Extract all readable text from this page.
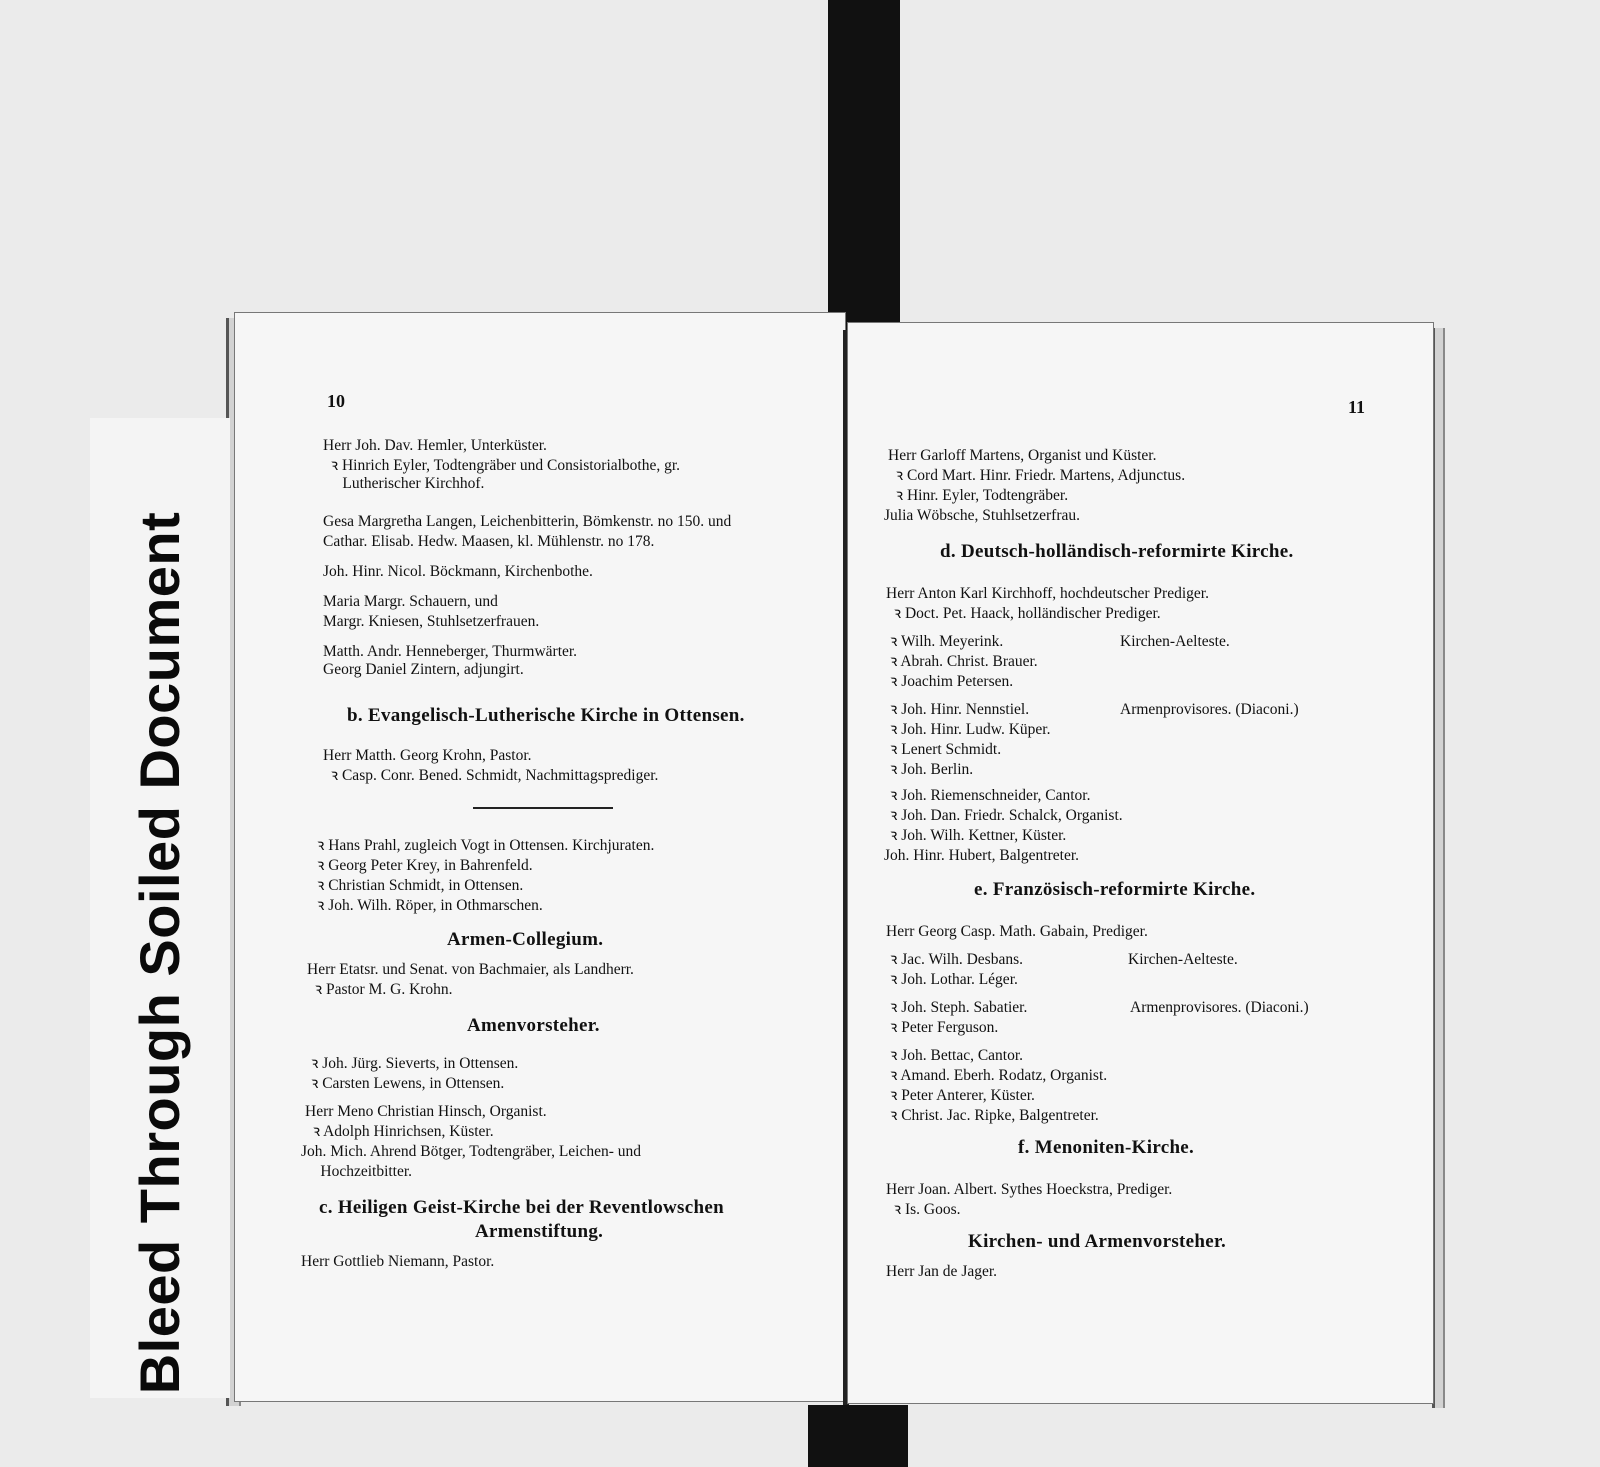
Bleed Through Soiled Document
10
Herr Joh. Dav. Hemler, Unterküster.
ꝛ Hinrich Eyler, Todtengräber und Consistorialbothe, gr.
Lutherischer Kirchhof.
Gesa Margretha Langen, Leichenbitterin, Bömkenstr. no 150. und
Cathar. Elisab. Hedw. Maasen, kl. Mühlenstr. no 178.
Joh. Hinr. Nicol. Böckmann, Kirchenbothe.
Maria Margr. Schauern, und
Margr. Kniesen, Stuhlsetzerfrauen.
Matth. Andr. Henneberger, Thurmwärter.
Georg Daniel Zintern, adjungirt.
b. Evangelisch-Lutherische Kirche in Ottensen.
Herr Matth. Georg Krohn, Pastor.
ꝛ Casp. Conr. Bened. Schmidt, Nachmittagsprediger.
ꝛ Hans Prahl, zugleich Vogt in Ottensen. Kirchjuraten.
ꝛ Georg Peter Krey, in Bahrenfeld.
ꝛ Christian Schmidt, in Ottensen.
ꝛ Joh. Wilh. Röper, in Othmarschen.
Armen-Collegium.
Herr Etatsr. und Senat. von Bachmaier, als Landherr.
ꝛ Pastor M. G. Krohn.
Amenvorsteher.
ꝛ Joh. Jürg. Sieverts, in Ottensen.
ꝛ Carsten Lewens, in Ottensen.
Herr Meno Christian Hinsch, Organist.
ꝛ Adolph Hinrichsen, Küster.
Joh. Mich. Ahrend Bötger, Todtengräber, Leichen- und
Hochzeitbitter.
c. Heiligen Geist-Kirche bei der Reventlowschen
Armenstiftung.
Herr Gottlieb Niemann, Pastor.
11
Herr Garloff Martens, Organist und Küster.
ꝛ Cord Mart. Hinr. Friedr. Martens, Adjunctus.
ꝛ Hinr. Eyler, Todtengräber.
Julia Wöbsche, Stuhlsetzerfrau.
d. Deutsch-holländisch-reformirte Kirche.
Herr Anton Karl Kirchhoff, hochdeutscher Prediger.
ꝛ Doct. Pet. Haack, holländischer Prediger.
ꝛ Wilh. Meyerink.	Kirchen-Aelteste.
ꝛ Abrah. Christ. Brauer.
ꝛ Joachim Petersen.
ꝛ Joh. Hinr. Nennstiel.	Armenprovisores. (Diaconi.)
ꝛ Joh. Hinr. Ludw. Küper.
ꝛ Lenert Schmidt.
ꝛ Joh. Berlin.
ꝛ Joh. Riemenschneider, Cantor.
ꝛ Joh. Dan. Friedr. Schalck, Organist.
ꝛ Joh. Wilh. Kettner, Küster.
Joh. Hinr. Hubert, Balgentreter.
e. Französisch-reformirte Kirche.
Herr Georg Casp. Math. Gabain, Prediger.
ꝛ Jac. Wilh. Desbans.	Kirchen-Aelteste.
ꝛ Joh. Lothar. Léger.
ꝛ Joh. Steph. Sabatier.	Armenprovisores. (Diaconi.)
ꝛ Peter Ferguson.
ꝛ Joh. Bettac, Cantor.
ꝛ Amand. Eberh. Rodatz, Organist.
ꝛ Peter Anterer, Küster.
ꝛ Christ. Jac. Ripke, Balgentreter.
f. Menoniten-Kirche.
Herr Joan. Albert. Sythes Hoeckstra, Prediger.
ꝛ Is. Goos.
Kirchen- und Armenvorsteher.
Herr Jan de Jager.
